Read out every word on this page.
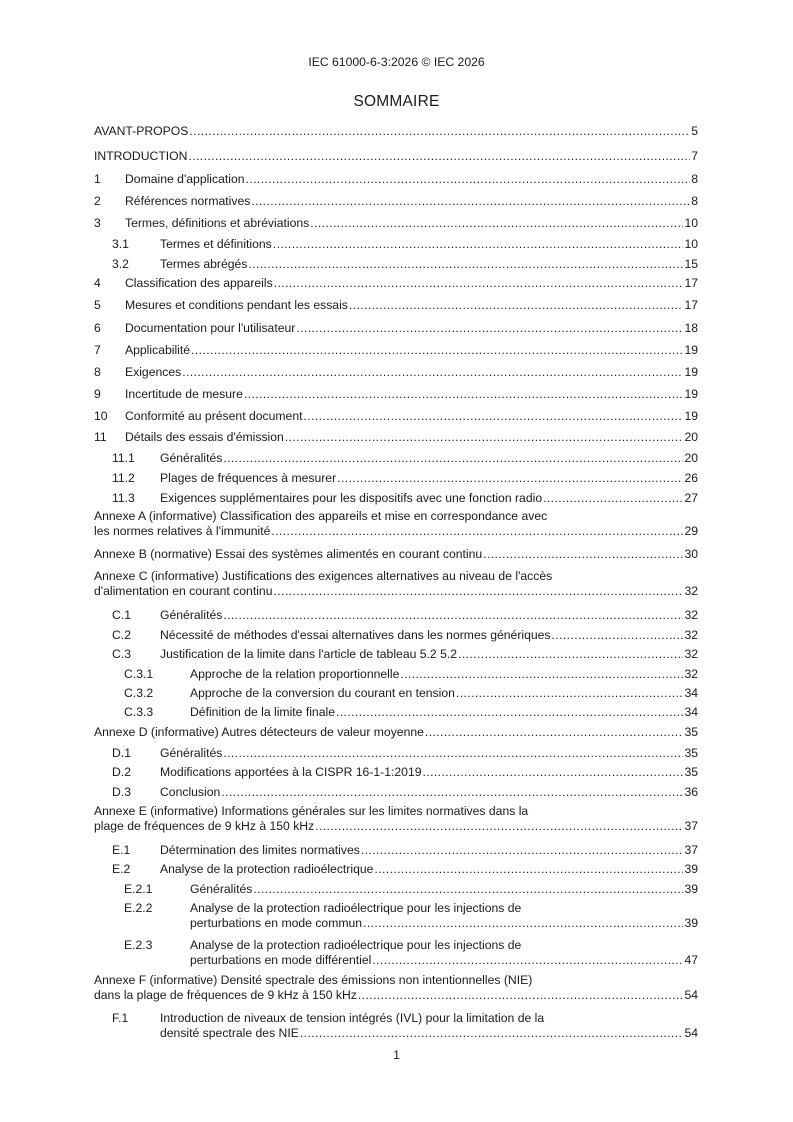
IEC 61000-6-3:2026 © IEC 2026
SOMMAIRE
AVANT-PROPOS .....	5
INTRODUCTION .....	7
1	Domaine d'application .....	8
2	Références normatives .....	8
3	Termes, définitions et abréviations .....	10
3.1	Termes et définitions .....	10
3.2	Termes abrégés .....	15
4	Classification des appareils .....	17
5	Mesures et conditions pendant les essais .....	17
6	Documentation pour l'utilisateur .....	18
7	Applicabilité .....	19
8	Exigences .....	19
9	Incertitude de mesure .....	19
10	Conformité au présent document .....	19
11	Détails des essais d'émission .....	20
11.1	Généralités .....	20
11.2	Plages de fréquences à mesurer .....	26
11.3	Exigences supplémentaires pour les dispositifs avec une fonction radio .....	27
Annexe A (informative) Classification des appareils et mise en correspondance avec
les normes relatives à l'immunité .....	29
Annexe B (normative) Essai des systèmes alimentés en courant continu .....	30
Annexe C (informative) Justifications des exigences alternatives au niveau de l'accès
d'alimentation en courant continu .....	32
C.1	Généralités .....	32
C.2	Nécessité de méthodes d'essai alternatives dans les normes génériques .....	32
C.3	Justification de la limite dans l'article de tableau 5.2 5.2 .....	32
C.3.1	Approche de la relation proportionnelle .....	32
C.3.2	Approche de la conversion du courant en tension .....	34
C.3.3	Définition de la limite finale .....	34
Annexe D (informative) Autres détecteurs de valeur moyenne .....	35
D.1	Généralités .....	35
D.2	Modifications apportées à la CISPR 16-1-1:2019 .....	35
D.3	Conclusion .....	36
Annexe E (informative) Informations générales sur les limites normatives dans la
plage de fréquences de 9 kHz à 150 kHz .....	37
E.1	Détermination des limites normatives .....	37
E.2	Analyse de la protection radioélectrique .....	39
E.2.1	Généralités .....	39
E.2.2	Analyse de la protection radioélectrique pour les injections de
perturbations en mode commun .....	39
E.2.3	Analyse de la protection radioélectrique pour les injections de
perturbations en mode différentiel .....	47
Annexe F (informative) Densité spectrale des émissions non intentionnelles (NIE)
dans la plage de fréquences de 9 kHz à 150 kHz .....	54
F.1	Introduction de niveaux de tension intégrés (IVL) pour la limitation de la
densité spectrale des NIE .....	54
1
